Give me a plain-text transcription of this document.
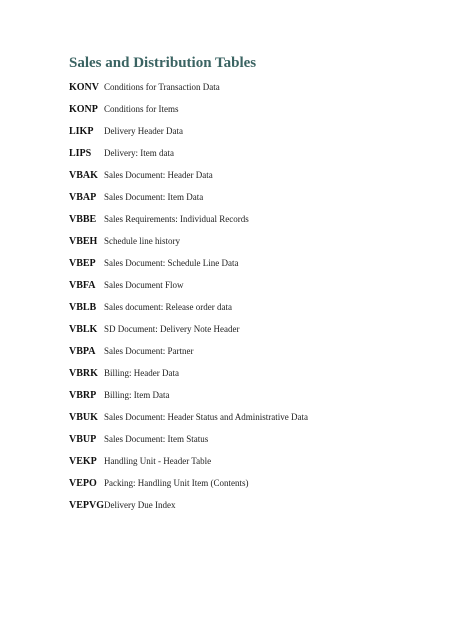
Sales and Distribution Tables
KONV Conditions for Transaction Data
KONP Conditions for Items
LIKP	Delivery Header Data
LIPS	Delivery: Item data
VBAK Sales Document: Header Data
VBAP Sales Document: Item Data
VBBE Sales Requirements: Individual Records
VBEH Schedule line history
VBEP Sales Document: Schedule Line Data
VBFA Sales Document Flow
VBLB Sales document: Release order data
VBLK SD Document: Delivery Note Header
VBPA Sales Document: Partner
VBRK Billing: Header Data
VBRP Billing: Item Data
VBUK Sales Document: Header Status and Administrative Data
VBUP Sales Document: Item Status
VEKP Handling Unit - Header Table
VEPO Packing: Handling Unit Item (Contents)
VEPVG Delivery Due Index
